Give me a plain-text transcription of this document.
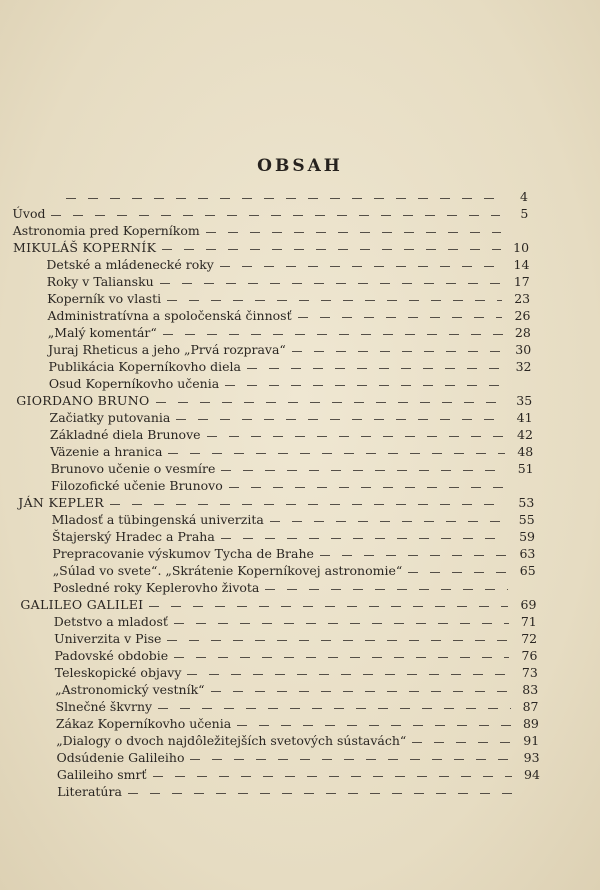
OBSAH
4
Úvod	5
Astronomia pred Koperníkom
MIKULÁŠ KOPERNÍK	10
Detské a mládenecké roky	14
Roky v Taliansku	17
Koperník vo vlasti	23
Administratívna a spoločenská činnosť	26
„Malý komentár“	28
Juraj Rheticus a jeho „Prvá rozprava“	30
Publikácia Koperníkovho diela	32
Osud Koperníkovho učenia
GIORDANO BRUNO	35
Začiatky putovania	41
Základné diela Brunove	42
Väzenie a hranica	48
Brunovo učenie o vesmíre	51
Filozofické učenie Brunovo
JÁN KEPLER	53
Mladosť a tübingenská univerzita	55
Štajerský Hradec a Praha	59
Prepracovanie výskumov Tycha de Brahe	63
„Súlad vo svete“. „Skrátenie Koperníkovej astronomie“	65
Posledné roky Keplerovho života
GALILEO GALILEI	69
Detstvo a mladosť	71
Univerzita v Pise	72
Padovské obdobie	76
Teleskopické objavy	73
„Astronomický vestník“	83
Slnečné škvrny	87
Zákaz Koperníkovho učenia	89
„Dialogy o dvoch najdôležitejších svetových sústavách“	91
Odsúdenie Galileiho	93
Galileiho smrť	94
Literatúra
